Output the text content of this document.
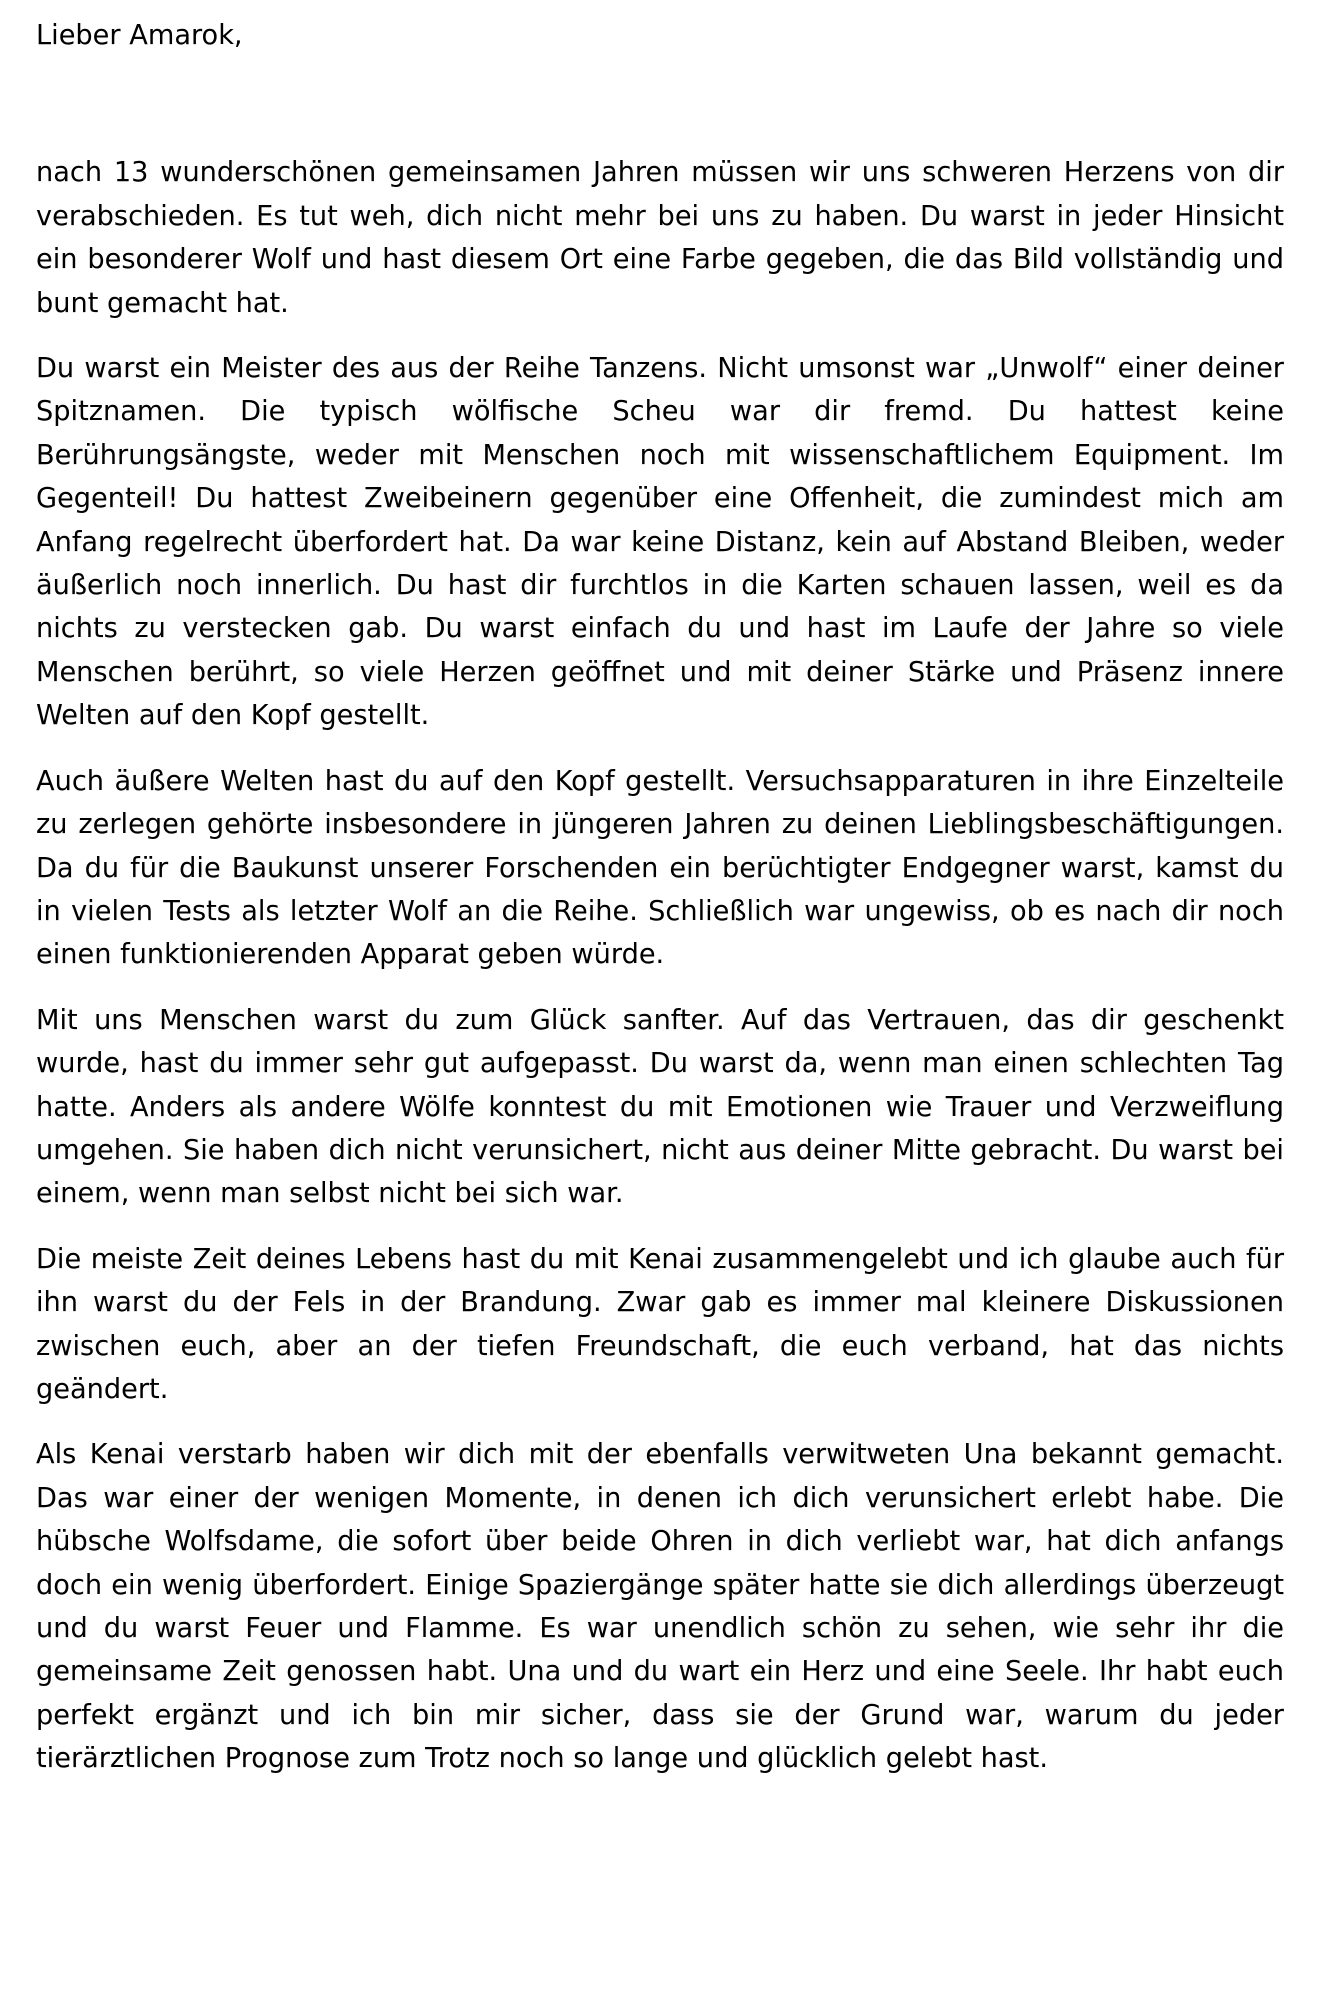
Lieber Amarok,

nach 13 wunderschönen gemeinsamen Jahren müssen wir uns schweren Herzens von dir verabschieden. Es tut weh, dich nicht mehr bei uns zu haben. Du warst in jeder Hinsicht ein besonderer Wolf und hast diesem Ort eine Farbe gegeben, die das Bild vollständig und bunt gemacht hat.

Du warst ein Meister des aus der Reihe Tanzens. Nicht umsonst war „Unwolf“ einer deiner Spitznamen. Die typisch wölfische Scheu war dir fremd. Du hattest keine Berührungsängste, weder mit Menschen noch mit wissenschaftlichem Equipment. Im Gegenteil! Du hattest Zweibeinern gegenüber eine Offenheit, die zumindest mich am Anfang regelrecht überfordert hat. Da war keine Distanz, kein auf Abstand Bleiben, weder äußerlich noch innerlich. Du hast dir furchtlos in die Karten schauen lassen, weil es da nichts zu verstecken gab. Du warst einfach du und hast im Laufe der Jahre so viele Menschen berührt, so viele Herzen geöffnet und mit deiner Stärke und Präsenz innere Welten auf den Kopf gestellt.

Auch äußere Welten hast du auf den Kopf gestellt. Versuchsapparaturen in ihre Einzelteile zu zerlegen gehörte insbesondere in jüngeren Jahren zu deinen Lieblingsbeschäftigungen. Da du für die Baukunst unserer Forschenden ein berüchtigter Endgegner warst, kamst du in vielen Tests als letzter Wolf an die Reihe. Schließlich war ungewiss, ob es nach dir noch einen funktionierenden Apparat geben würde.

Mit uns Menschen warst du zum Glück sanfter. Auf das Vertrauen, das dir geschenkt wurde, hast du immer sehr gut aufgepasst. Du warst da, wenn man einen schlechten Tag hatte. Anders als andere Wölfe konntest du mit Emotionen wie Trauer und Verzweiflung umgehen. Sie haben dich nicht verunsichert, nicht aus deiner Mitte gebracht. Du warst bei einem, wenn man selbst nicht bei sich war.

Die meiste Zeit deines Lebens hast du mit Kenai zusammengelebt und ich glaube auch für ihn warst du der Fels in der Brandung. Zwar gab es immer mal kleinere Diskussionen zwischen euch, aber an der tiefen Freundschaft, die euch verband, hat das nichts geändert.

Als Kenai verstarb haben wir dich mit der ebenfalls verwitweten Una bekannt gemacht. Das war einer der wenigen Momente, in denen ich dich verunsichert erlebt habe. Die hübsche Wolfsdame, die sofort über beide Ohren in dich verliebt war, hat dich anfangs doch ein wenig überfordert. Einige Spaziergänge später hatte sie dich allerdings überzeugt und du warst Feuer und Flamme. Es war unendlich schön zu sehen, wie sehr ihr die gemeinsame Zeit genossen habt. Una und du wart ein Herz und eine Seele. Ihr habt euch perfekt ergänzt und ich bin mir sicher, dass sie der Grund war, warum du jeder tierärztlichen Prognose zum Trotz noch so lange und glücklich gelebt hast.
